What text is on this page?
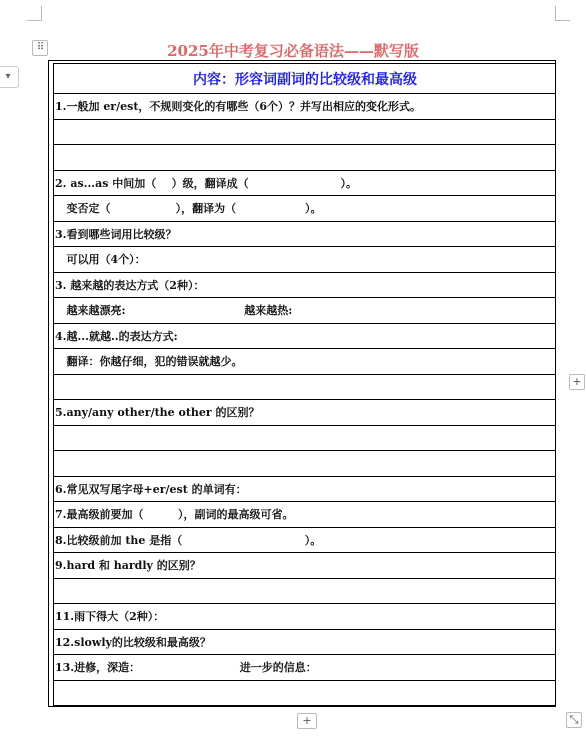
▾
⠿	2025年中考复习必备语法——默写版
内容：形容词副词的比较级和最高级
1.一般加 er/est，不规则变化的有哪些（6个）？并写出相应的变化形式。

2. as...as 中间加（    ）级，翻译成（                        ）。
变否定（                 ），翻译为（                  ）。
3.看到哪些词用比较级？
可以用（4个）：
3. 越来越的表达方式（2种）：
越来越漂亮:                               越来越热:
4.越...就越..的表达方式:
翻译：你越仔细，犯的错误就越少。

5.any/any other/the other 的区别？

6.常见双写尾字母+er/est 的单词有：
7.最高级前要加（         ），副词的最高级可省。
8.比较级前加 the 是指（                                ）。
9.hard 和 hardly 的区别？

11.雨下得大（2种）：
12.slowly的比较级和最高级？
13.进修，深造：                          进一步的信息：

+
+	⤡
